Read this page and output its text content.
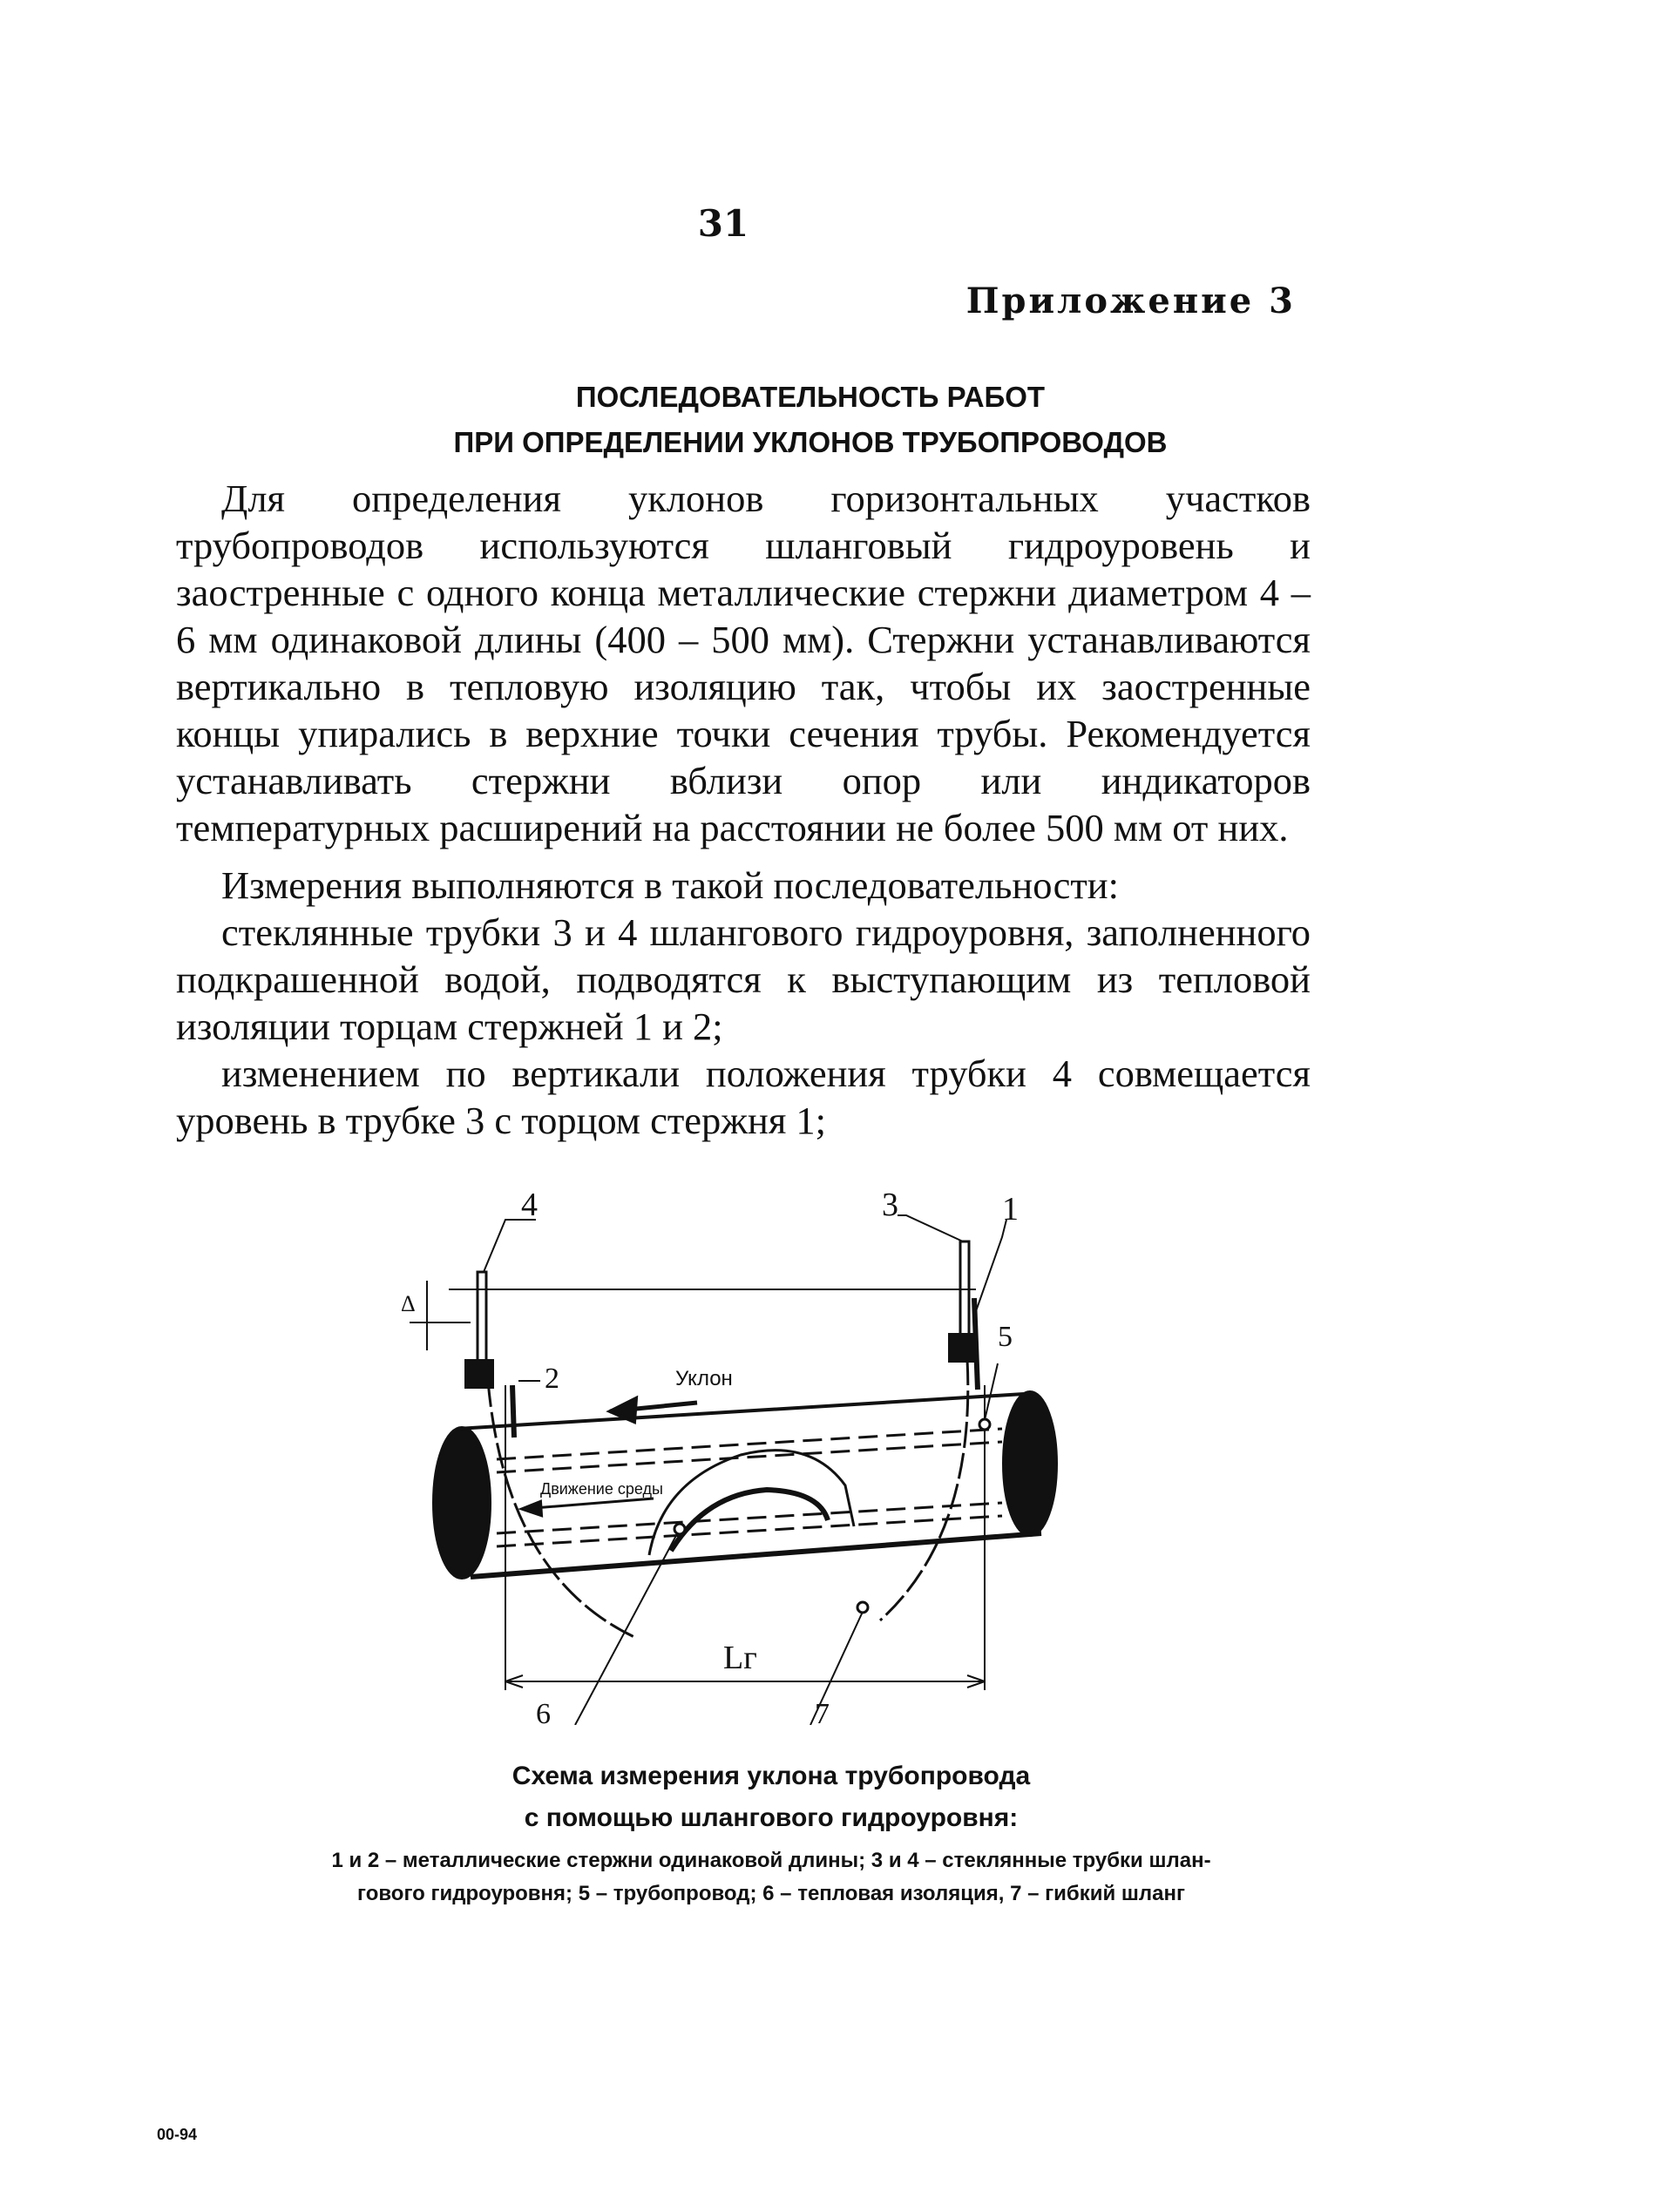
31
Приложение 3
ПОСЛЕДОВАТЕЛЬНОСТЬ РАБОТ
ПРИ ОПРЕДЕЛЕНИИ УКЛОНОВ ТРУБОПРОВОДОВ

Для определения уклонов горизонтальных участков трубопроводов используются шланговый гидроуровень и заостренные с одного конца металлические стержни диаметром 4 – 6 мм одинаковой длины (400 – 500 мм). Стержни устанавливаются вертикально в тепловую изоляцию так, чтобы их заостренные концы упирались в верхние точки сечения трубы. Рекомендуется устанавливать стержни вблизи опор или индикаторов температурных расширений на расстоянии не более 500 мм от них.

Измерения выполняются в такой последовательности:

стеклянные трубки 3 и 4 шлангового гидроуровня, заполненного подкрашенной водой, подводятся к выступающим из тепловой изоляции торцам стержней 1 и 2;

изменением по вертикали положения трубки 4 совмещается уровень в трубке 3 с торцом стержня 1;

4	3	1
5
2
6	7
Lг
Δ
Уклон
Движение среды
Схема измерения уклона трубопровода
с помощью шлангового гидроуровня:
1 и 2 – металлические стержни одинаковой длины; 3 и 4 – стеклянные трубки шлан-
гового гидроуровня; 5 – трубопровод; 6 – тепловая изоляция, 7 – гибкий шланг
00-94
